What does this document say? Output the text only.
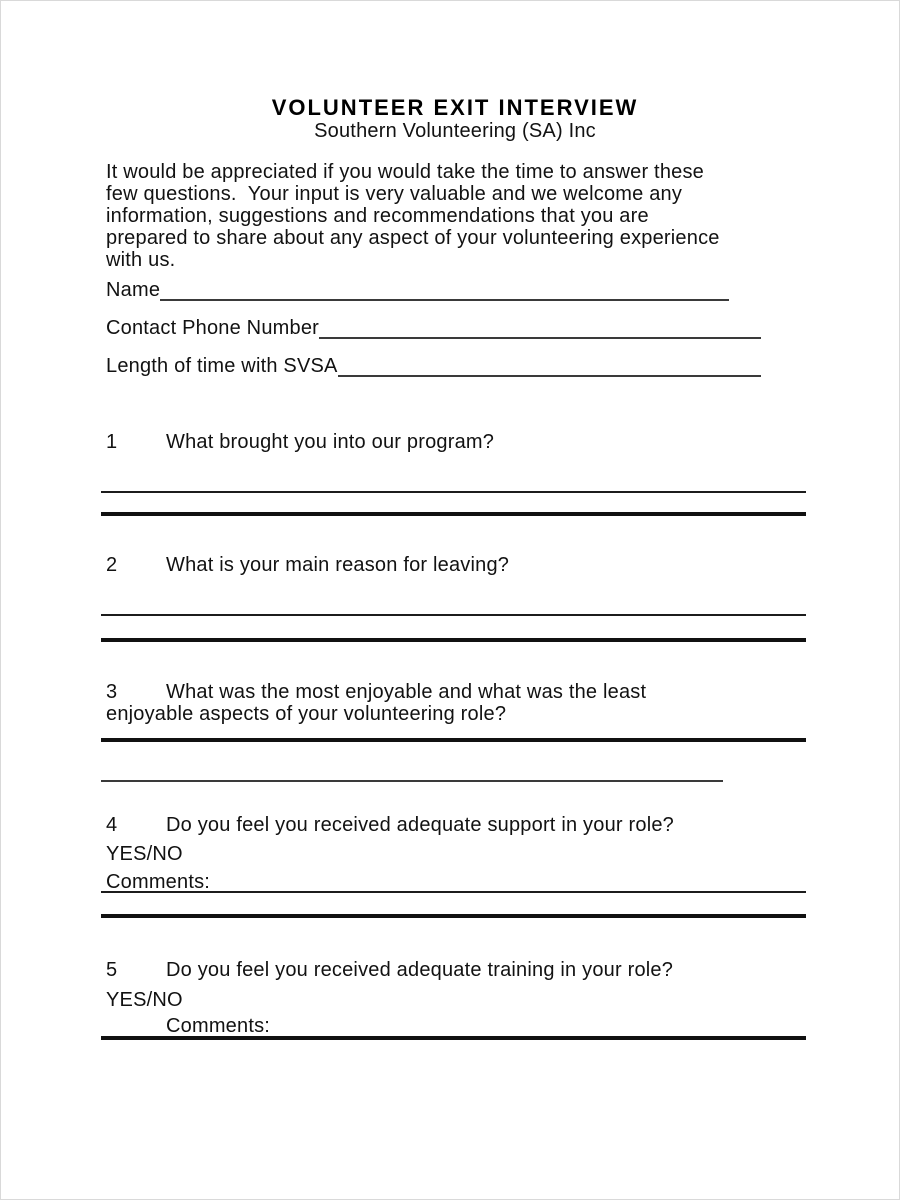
VOLUNTEER EXIT INTERVIEW
Southern Volunteering (SA) Inc
It would be appreciated if you would take the time to answer these
few questions.  Your input is very valuable and we welcome any
information, suggestions and recommendations that you are
prepared to share about any aspect of your volunteering experience
with us.
Name
Contact Phone Number
Length of time with SVSA
1	What brought you into our program?
2	What is your main reason for leaving?
3	What was the most enjoyable and what was the least
enjoyable aspects of your volunteering role?
4	Do you feel you received adequate support in your role?
YES/NO
Comments:
5	Do you feel you received adequate training in your role?
YES/NO
Comments:
